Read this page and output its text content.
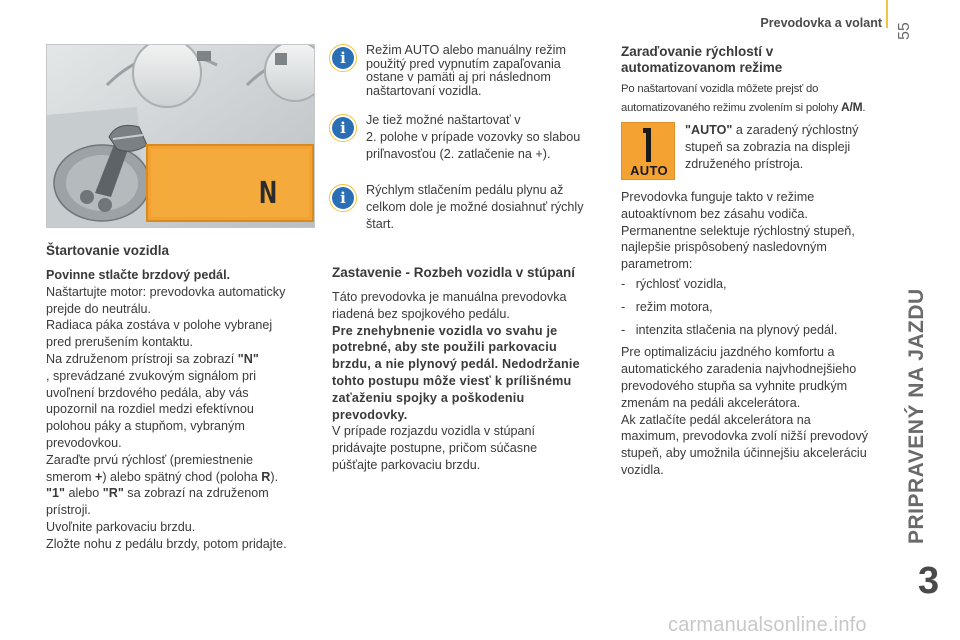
Prevodovka a volant 55
PRIPRAVENÝ NA JAZDU
3
N
Štartovanie vozidla
Povinne stlačte brzdový pedál.
Naštartujte motor: prevodovka automaticky
prejde do neutrálu.
Radiaca páka zostáva v polohe vybranej
pred prerušením kontaktu.
Na združenom prístroji sa zobrazí "N"
, sprevádzané zvukovým signálom pri
uvoľnení brzdového pedála, aby vás
upozornil na rozdiel medzi efektívnou
polohou páky a stupňom, vybraným
prevodovkou.
Zaraďte prvú rýchlosť (premiestnenie
smerom +) alebo spätný chod (poloha R).
"1" alebo "R" sa zobrazí na združenom
prístroji.
Uvoľnite parkovaciu brzdu.
Zložte nohu z pedálu brzdy, potom pridajte.
i	Režim AUTO alebo manuálny režim
použitý pred vypnutím zapaľovania
ostane v pamäti aj pri následnom
naštartovaní vozidla.
i	Je tiež možné naštartovať v
2. polohe v prípade vozovky so slabou
priľnavosťou (2. zatlačenie na +).
i	Rýchlym stlačením pedálu plynu až
celkom dole je možné dosiahnuť rýchly
štart.
Zastavenie - Rozbeh vozidla v stúpaní
Táto prevodovka je manuálna prevodovka
riadená bez spojkového pedálu.
Pre znehybnenie vozidla vo svahu je
potrebné, aby ste použili parkovaciu
brzdu, a nie plynový pedál. Nedodržanie
tohto postupu môže viesť k prílišnému
zaťaženiu spojky a poškodeniu
prevodovky.
V prípade rozjazdu vozidla v stúpaní
pridávajte postupne, pričom súčasne
púšťajte parkovaciu brzdu.
Zaraďovanie rýchlostí v
automatizovanom režime
Po naštartovaní vozidla môžete prejsť do
automatizovaného režimu zvolením si polohy A/M.
AUTO
"AUTO" a zaradený rýchlostný
stupeň sa zobrazia na displeji
združeného prístroja.
Prevodovka funguje takto v režime
autoaktívnom bez zásahu vodiča.
Permanentne selektuje rýchlostný stupeň,
najlepšie prispôsobený nasledovným
parametrom:
-   rýchlosť vozidla,
-   režim motora,
-   intenzita stlačenia na plynový pedál.
Pre optimalizáciu jazdného komfortu a
automatického zaradenia najvhodnejšieho
prevodového stupňa sa vyhnite prudkým
zmenám na pedáli akcelerátora.
Ak zatlačíte pedál akcelerátora na
maximum, prevodovka zvolí nižší prevodový
stupeň, aby umožnila účinnejšiu akceleráciu
vozidla.
carmanualsonline.info
